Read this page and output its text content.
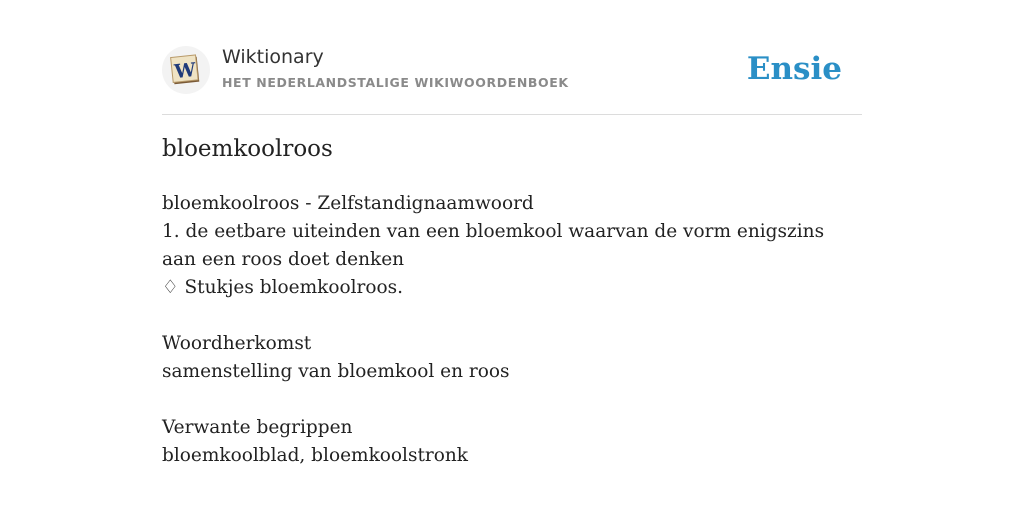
W
Wiktionary
HET NEDERLANDSTALIGE WIKIWOORDENBOEK	Ensie
bloemkoolroos

bloemkoolroos - Zelfstandignaamwoord

1. de eetbare uiteinden van een bloemkool waarvan de vorm enigszins aan een roos doet denken

♢ Stukjes bloemkoolroos.

Woordherkomst

samenstelling van bloemkool en roos

Verwante begrippen

bloemkoolblad, bloemkoolstronk
